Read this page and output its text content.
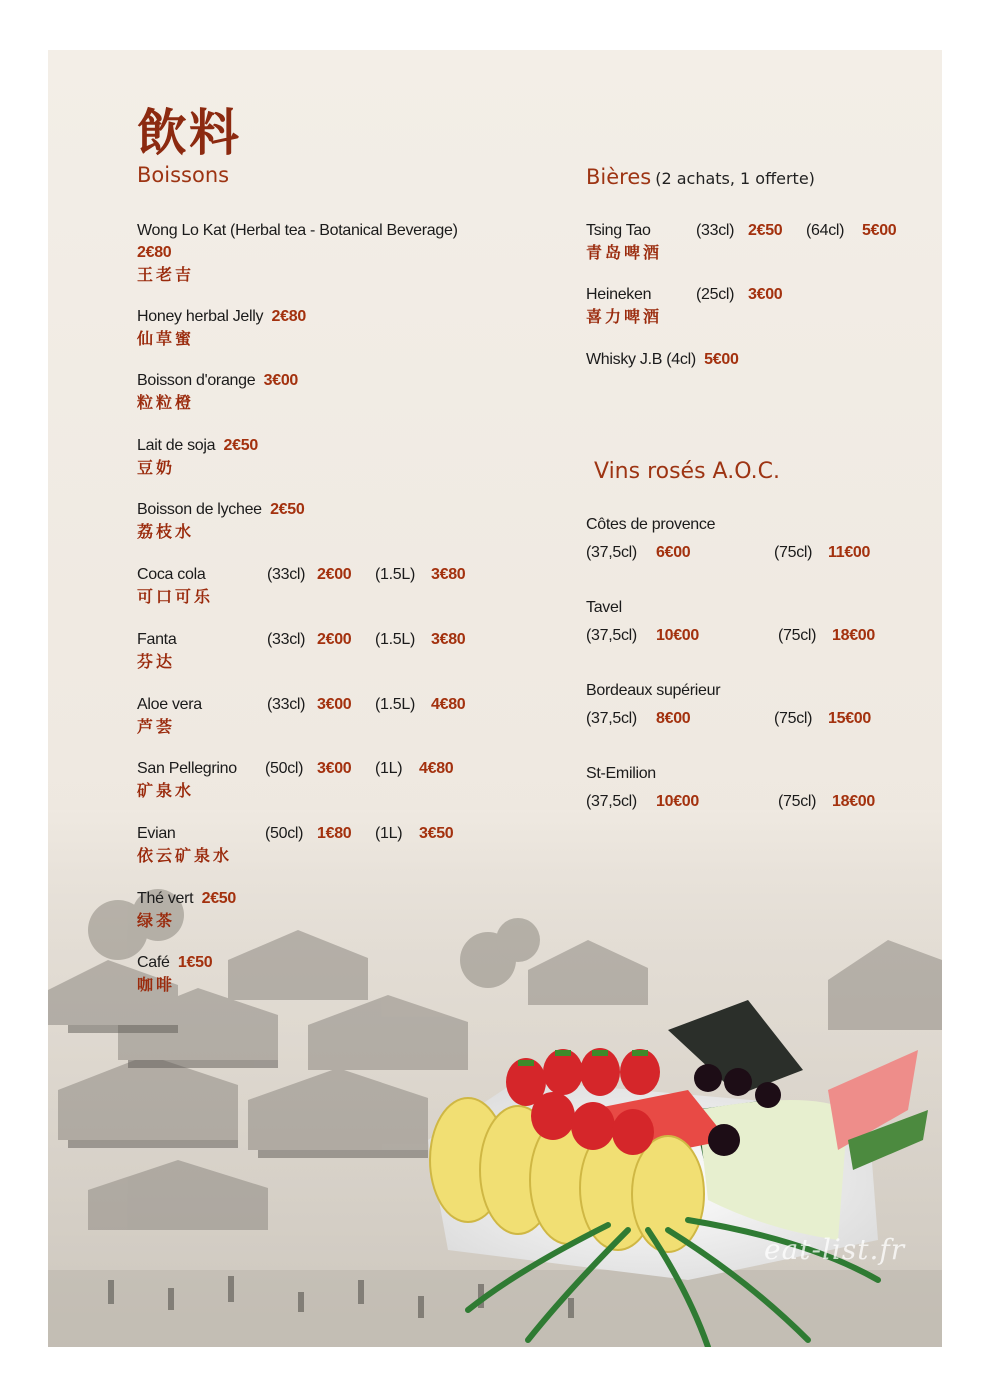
飲料
Boissons
Wong Lo Kat (Herbal tea - Botanical Beverage)
2€80
王老吉
Honey herbal Jelly 2€80
仙草蜜
Boisson d'orange 3€00
粒粒橙
Lait de soja 2€50
豆奶
Boisson de lychee 2€50
荔枝水
Coca cola	(33cl) 2€00 (1.5L) 3€80
可口可乐
Fanta	(33cl) 2€00 (1.5L) 3€80
芬达
Aloe vera	(33cl) 3€00 (1.5L) 4€80
芦荟
San Pellegrino (50cl) 3€00 (1L) 4€80
矿泉水
Evian	(50cl) 1€80 (1L) 3€50
依云矿泉水
Thé vert 2€50
绿茶
Café 1€50
咖啡
Bières (2 achats, 1 offerte)
Tsing Tao	(33cl) 2€50 (64cl) 5€00
青岛啤酒
Heineken	(25cl) 3€00
喜力啤酒
Whisky J.B (4cl) 5€00
Vins rosés A.O.C.
Côtes de provence
(37,5cl) 6€00	(75cl) 11€00
Tavel
(37,5cl) 10€00	(75cl) 18€00
Bordeaux supérieur
(37,5cl) 8€00	(75cl) 15€00
St-Emilion
(37,5cl) 10€00	(75cl) 18€00
eat-list.fr
